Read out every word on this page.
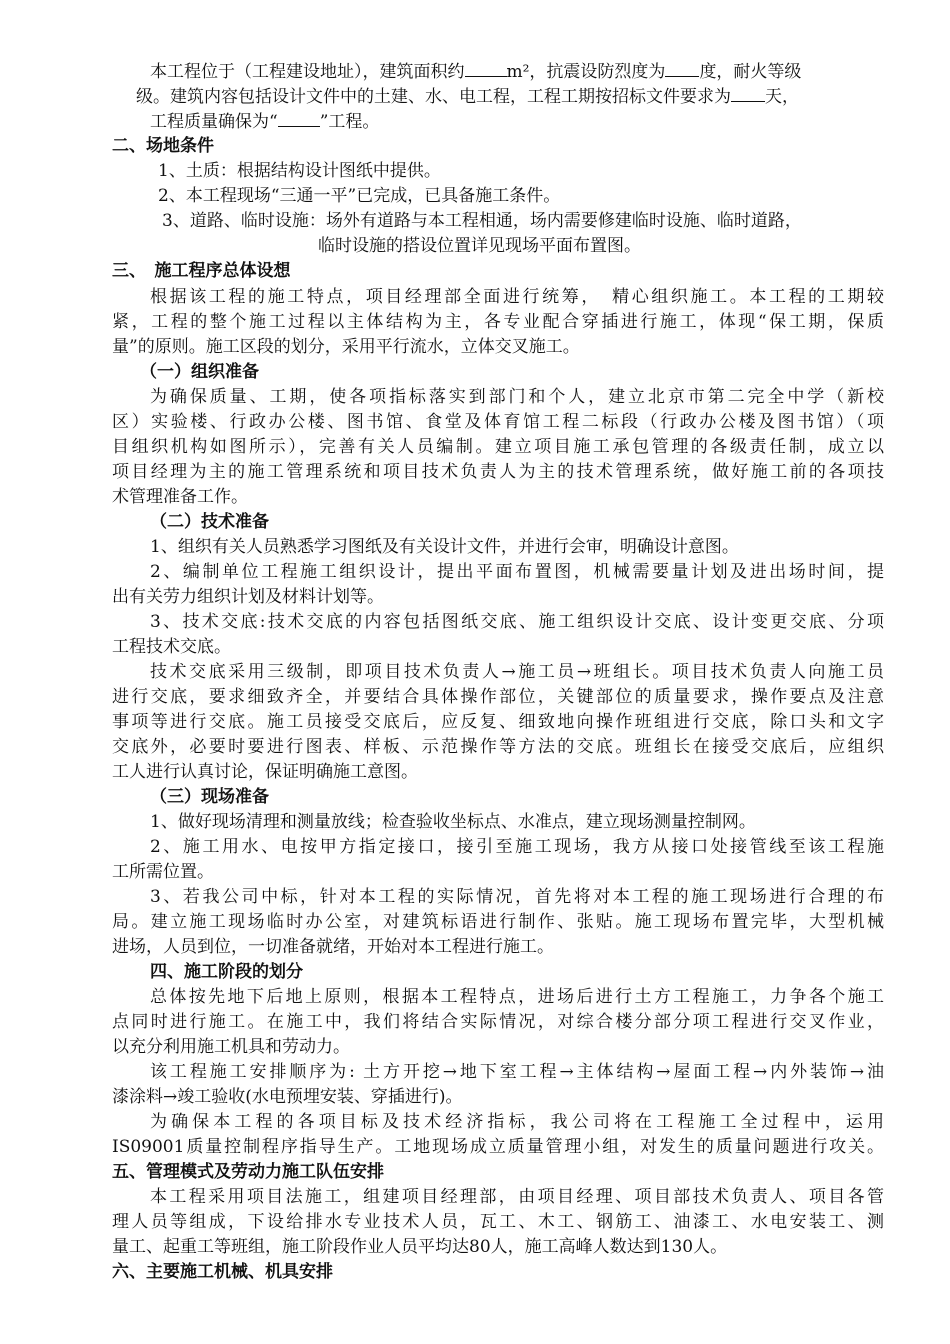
本工程位于（工程建设地址），建筑面积约 m²，抗震设防烈度为 度，耐火等级
级。建筑内容包括设计文件中的土建、水、电工程，工程工期按招标文件要求为 天，
工程质量确保为“ ”工程。
二、场地条件
1、土质：根据结构设计图纸中提供。
2、本工程现场“三通一平”已完成，已具备施工条件。
3、道路、临时设施：场外有道路与本工程相通，场内需要修建临时设施、临时道路，
临时设施的搭设位置详见现场平面布置图。
三、　施工程序总体设想
根据该工程的施工特点，项目经理部全面进行统筹，　精心组织施工。本工程的工期较
紧，工程的整个施工过程以主体结构为主，各专业配合穿插进行施工，体现“保工期，保质
量”的原则。施工区段的划分，采用平行流水，立体交叉施工。
（一）组织准备
为确保质量、工期，使各项指标落实到部门和个人，建立北京市第二完全中学（新校
区）实验楼、行政办公楼、图书馆、食堂及体育馆工程二标段（行政办公楼及图书馆）（项
目组织机构如图所示），完善有关人员编制。建立项目施工承包管理的各级责任制，成立以
项目经理为主的施工管理系统和项目技术负责人为主的技术管理系统，做好施工前的各项技
术管理准备工作。
（二）技术准备
1、组织有关人员熟悉学习图纸及有关设计文件，并进行会审，明确设计意图。
2、编制单位工程施工组织设计，提出平面布置图，机械需要量计划及进出场时间，提
出有关劳力组织计划及材料计划等。
3、技术交底:技术交底的内容包括图纸交底、施工组织设计交底、设计变更交底、分项
工程技术交底。
技术交底采用三级制，即项目技术负责人→施工员→班组长。项目技术负责人向施工员
进行交底，要求细致齐全，并要结合具体操作部位，关键部位的质量要求，操作要点及注意
事项等进行交底。施工员接受交底后，应反复、细致地向操作班组进行交底，除口头和文字
交底外，必要时要进行图表、样板、示范操作等方法的交底。班组长在接受交底后，应组织
工人进行认真讨论，保证明确施工意图。
（三）现场准备
1、做好现场清理和测量放线；检查验收坐标点、水准点，建立现场测量控制网。
2、施工用水、电按甲方指定接口，接引至施工现场，我方从接口处接管线至该工程施
工所需位置。
3、若我公司中标，针对本工程的实际情况，首先将对本工程的施工现场进行合理的布
局。建立施工现场临时办公室，对建筑标语进行制作、张贴。施工现场布置完毕，大型机械
进场，人员到位，一切准备就绪，开始对本工程进行施工。
四、施工阶段的划分
总体按先地下后地上原则，根据本工程特点，进场后进行土方工程施工，力争各个施工
点同时进行施工。在施工中，我们将结合实际情况，对综合楼分部分项工程进行交叉作业，
以充分利用施工机具和劳动力。
该工程施工安排顺序为: 土方开挖→地下室工程→主体结构→屋面工程→内外装饰→油
漆涂料→竣工验收(水电预埋安装、穿插进行)。
为确保本工程的各项目标及技术经济指标，我公司将在工程施工全过程中，运用
IS09001质量控制程序指导生产。工地现场成立质量管理小组，对发生的质量问题进行攻关。
五、管理模式及劳动力施工队伍安排
本工程采用项目法施工，组建项目经理部，由项目经理、项目部技术负责人、项目各管
理人员等组成，下设给排水专业技术人员，瓦工、木工、钢筋工、油漆工、水电安装工、测
量工、起重工等班组，施工阶段作业人员平均达80人，施工高峰人数达到130人。
六、主要施工机械、机具安排
